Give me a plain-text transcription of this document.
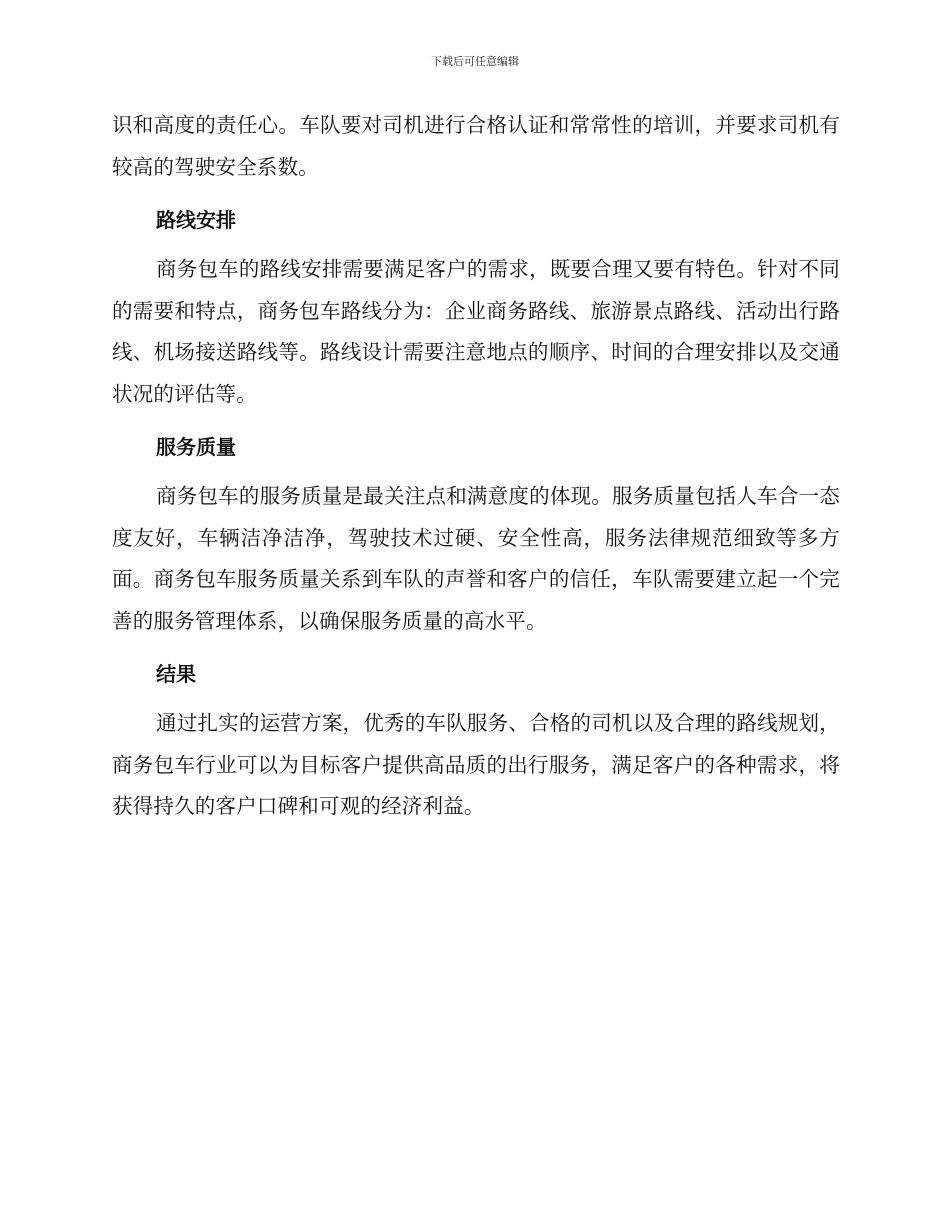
下载后可任意编辑

识和高度的责任心。车队要对司机进行合格认证和常常性的培训，并要求司机有较高的驾驶安全系数。

路线安排

商务包车的路线安排需要满足客户的需求，既要合理又要有特色。针对不同的需要和特点，商务包车路线分为：企业商务路线、旅游景点路线、活动出行路线、机场接送路线等。路线设计需要注意地点的顺序、时间的合理安排以及交通状况的评估等。

服务质量

商务包车的服务质量是最关注点和满意度的体现。服务质量包括人车合一态度友好，车辆洁净洁净，驾驶技术过硬、安全性高，服务法律规范细致等多方面。商务包车服务质量关系到车队的声誉和客户的信任，车队需要建立起一个完善的服务管理体系，以确保服务质量的高水平。

结果

通过扎实的运营方案，优秀的车队服务、合格的司机以及合理的路线规划，商务包车行业可以为目标客户提供高品质的出行服务，满足客户的各种需求，将获得持久的客户口碑和可观的经济利益。
